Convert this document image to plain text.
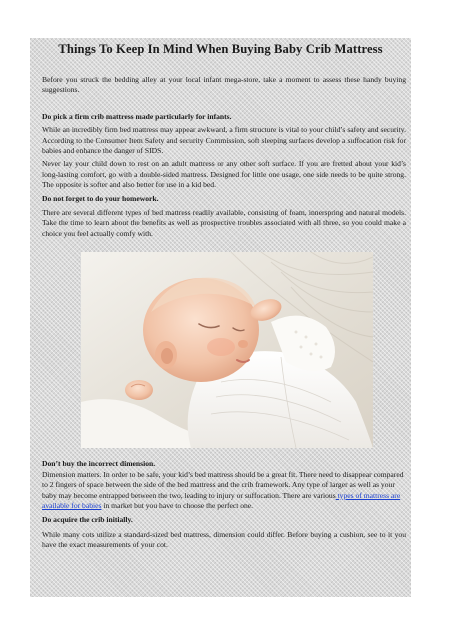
Things To Keep In Mind When Buying Baby Crib Mattress

Before you struck the bedding alley at your local infant mega-store, take a moment to assess these handy buying suggestions.

Do pick a firm crib mattress made particularly for infants.

While an incredibly firm bed mattress may appear awkward, a firm structure is vital to your child’s safety and security. According to the Consumer Item Safety and security Commission, soft sleeping surfaces develop a suffocation risk for babies and enhance the danger of SIDS.

Never lay your child down to rest on an adult mattress or any other soft surface. If you are fretted about your kid’s long-lasting comfort, go with a double-sided mattress. Designed for little one usage, one side needs to be quite strong. The opposite is softer and also better for use in a kid bed.

Do not forget to do your homework.

There are several different types of bed mattress readily available, consisting of foam, innerspring and natural models. Take the time to learn about the benefits as well as prospective troubles associated with all three, so you could make a choice you feel actually comfy with.

Don’t buy the incorrect dimension.

Dimension matters. In order to be safe, your kid’s bed mattress should be a great fit. There need to disappear compared to 2 fingers of space between the side of the bed mattress and the crib framework. Any type of larger as well as your baby may become entrapped between the two, leading to injury or suffocation. There are various types of mattress are available for babies in market but you have to choose the perfect one.

Do acquire the crib initially.

While many cots utilize a standard-sized bed mattress, dimension could differ. Before buying a cushion, see to it you have the exact measurements of your cot.
